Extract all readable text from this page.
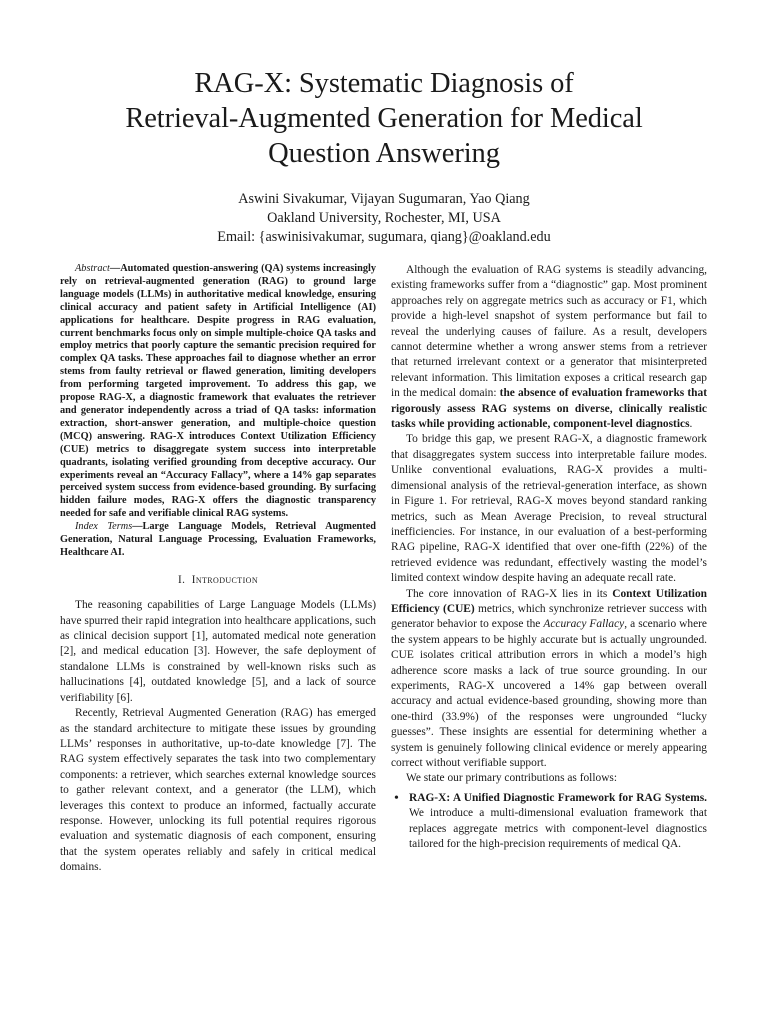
RAG-X: Systematic Diagnosis of
Retrieval-Augmented Generation for Medical
Question Answering
Aswini Sivakumar, Vijayan Sugumaran, Yao Qiang
Oakland University, Rochester, MI, USA
Email: {aswinisivakumar, sugumara, qiang}@oakland.edu

Abstract—Automated question-answering (QA) systems increasingly rely on retrieval-augmented generation (RAG) to ground large language models (LLMs) in authoritative medical knowledge, ensuring clinical accuracy and patient safety in Artificial Intelligence (AI) applications for healthcare. Despite progress in RAG evaluation, current benchmarks focus only on simple multiple-choice QA tasks and employ metrics that poorly capture the semantic precision required for complex QA tasks. These approaches fail to diagnose whether an error stems from faulty retrieval or flawed generation, limiting developers from performing targeted improvement. To address this gap, we propose RAG-X, a diagnostic framework that evaluates the retriever and generator independently across a triad of QA tasks: information extraction, short-answer generation, and multiple-choice question (MCQ) answering. RAG-X introduces Context Utilization Efficiency (CUE) metrics to disaggregate system success into interpretable quadrants, isolating verified grounding from deceptive accuracy. Our experiments reveal an “Accuracy Fallacy”, where a 14% gap separates perceived system success from evidence-based grounding. By surfacing hidden failure modes, RAG-X offers the diagnostic transparency needed for safe and verifiable clinical RAG systems.

Index Terms—Large Language Models, Retrieval Augmented Generation, Natural Language Processing, Evaluation Frameworks, Healthcare AI.

I. Introduction

The reasoning capabilities of Large Language Models (LLMs) have spurred their rapid integration into healthcare applications, such as clinical decision support [1], automated medical note generation [2], and medical education [3]. However, the safe deployment of standalone LLMs is constrained by well-known risks such as hallucinations [4], outdated knowledge [5], and a lack of source verifiability [6].

Recently, Retrieval Augmented Generation (RAG) has emerged as the standard architecture to mitigate these issues by grounding LLMs’ responses in authoritative, up-to-date knowledge [7]. The RAG system effectively separates the task into two complementary components: a retriever, which searches external knowledge sources to gather relevant context, and a generator (the LLM), which leverages this context to produce an informed, factually accurate response. However, unlocking its full potential requires rigorous evaluation and systematic diagnosis of each component, ensuring that the system operates reliably and safely in critical medical domains.

Although the evaluation of RAG systems is steadily advancing, existing frameworks suffer from a “diagnostic” gap. Most prominent approaches rely on aggregate metrics such as accuracy or F1, which provide a high-level snapshot of system performance but fail to reveal the underlying causes of failure. As a result, developers cannot determine whether a wrong answer stems from a retriever that returned irrelevant context or a generator that misinterpreted relevant information. This limitation exposes a critical research gap in the medical domain: the absence of evaluation frameworks that rigorously assess RAG systems on diverse, clinically realistic tasks while providing actionable, component-level diagnostics.

To bridge this gap, we present RAG-X, a diagnostic framework that disaggregates system success into interpretable failure modes. Unlike conventional evaluations, RAG-X provides a multi-dimensional analysis of the retrieval-generation interface, as shown in Figure 1. For retrieval, RAG-X moves beyond standard ranking metrics, such as Mean Average Precision, to reveal structural inefficiencies. For instance, in our evaluation of a best-performing RAG pipeline, RAG-X identified that over one-fifth (22%) of the retrieved evidence was redundant, effectively wasting the model’s limited context window despite having an adequate recall rate.

The core innovation of RAG-X lies in its Context Utilization Efficiency (CUE) metrics, which synchronize retriever success with generator behavior to expose the Accuracy Fallacy, a scenario where the system appears to be highly accurate but is actually ungrounded. CUE isolates critical attribution errors in which a model’s high adherence score masks a lack of true source grounding. In our experiments, RAG-X uncovered a 14% gap between overall accuracy and actual evidence-based grounding, showing more than one-third (33.9%) of the responses were ungrounded “lucky guesses”. These insights are essential for determining whether a system is genuinely following clinical evidence or merely appearing correct without verifiable support.

We state our primary contributions as follows:

• RAG-X: A Unified Diagnostic Framework for RAG Systems. We introduce a multi-dimensional evaluation framework that replaces aggregate metrics with component-level diagnostics tailored for the high-precision requirements of medical QA.
